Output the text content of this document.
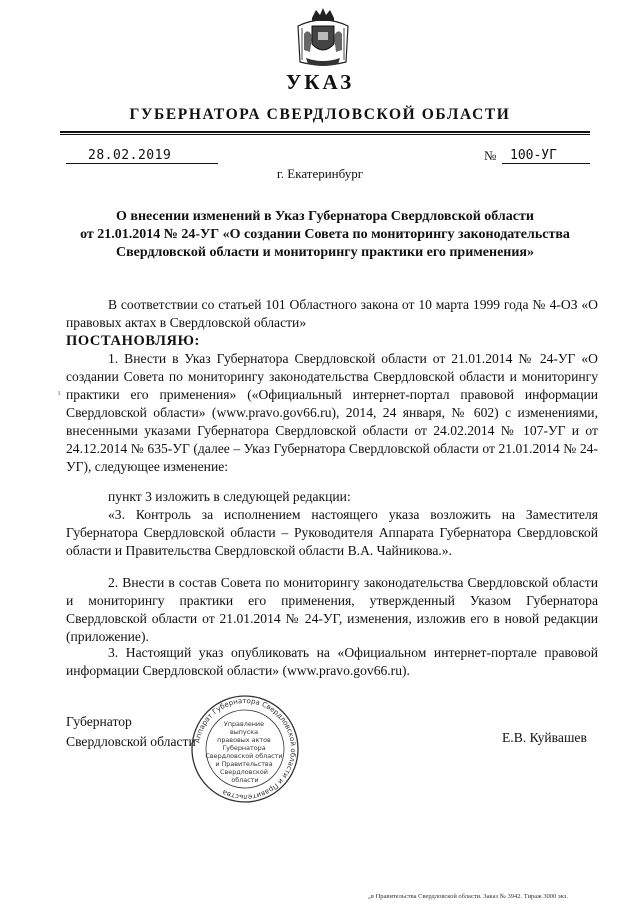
УКАЗ
ГУБЕРНАТОРА СВЕРДЛОВСКОЙ ОБЛАСТИ
28.02.2019	№	100-УГ
г. Екатеринбург
О внесении изменений в Указ Губернатора Свердловской области
от 21.01.2014 № 24-УГ «О создании Совета по мониторингу законодательства
Свердловской области и мониторингу практики его применения»

В соответствии со статьей 101 Областного закона от 10 марта 1999 года № 4-ОЗ «О правовых актах в Свердловской области»

ПОСТАНОВЛЯЮ:

1. Внести в Указ Губернатора Свердловской области от 21.01.2014 № 24-УГ «О создании Совета по мониторингу законодательства Свердловской области и мониторингу практики его применения» («Официальный интернет-портал правовой информации Свердловской области» (www.pravo.gov66.ru), 2014, 24 января, № 602) с изменениями, внесенными указами Губернатора Свердловской области от 24.02.2014 № 107-УГ и от 24.12.2014 № 635-УГ (далее – Указ Губернатора Свердловской области от 21.01.2014 № 24-УГ), следующее изменение:

ι

пункт 3 изложить в следующей редакции:

«3. Контроль за исполнением настоящего указа возложить на Заместителя Губернатора Свердловской области – Руководителя Аппарата Губернатора Свердловской области и Правительства Свердловской области В.А. Чайникова.».

2. Внести в состав Совета по мониторингу законодательства Свердловской области и мониторингу практики его применения, утвержденный Указом Губернатора Свердловской области от 21.01.2014 № 24-УГ, изменения, изложив его в новой редакции (приложение).

3. Настоящий указ опубликовать на «Официальном интернет-портале правовой информации Свердловской области» (www.pravo.gov66.ru).

Губернатор
Свердловской области
Аппарат Губернатора Свердловской области и Правительства
Управление выпуска правовых актов Губернатора Свердловской области и Правительства Свердловской области
Е.В. Куйвашев
„в Правительства Свердловской области. Заказ № 3942. Тираж 3000 экз.
